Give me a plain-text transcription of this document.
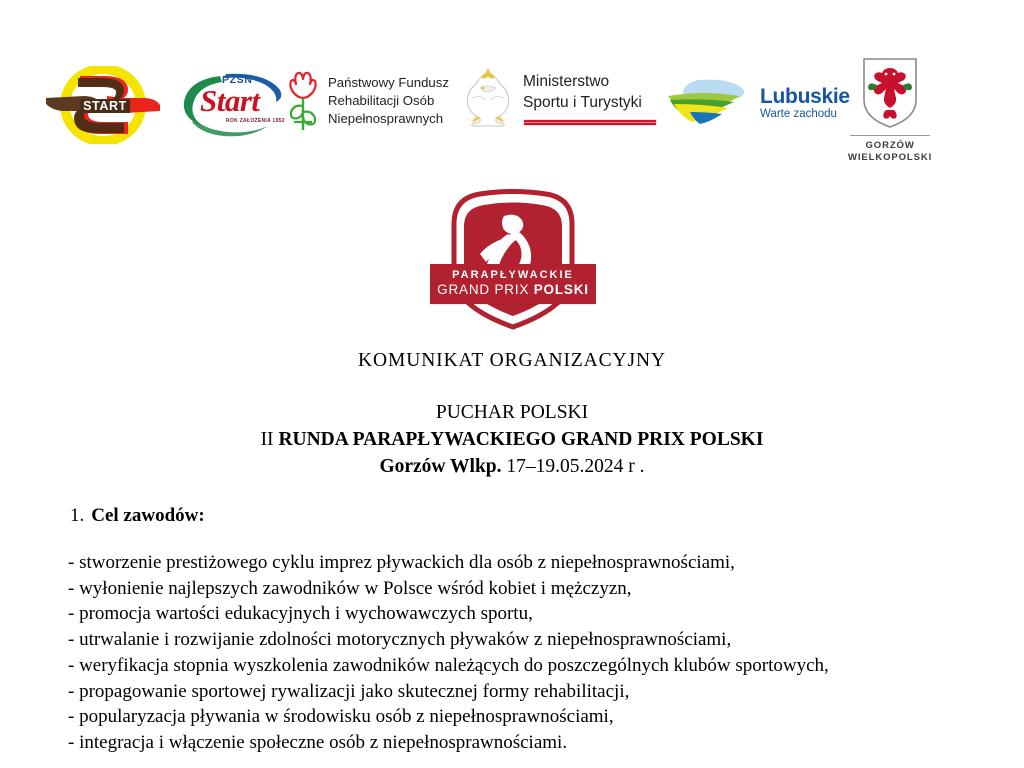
START
PZSN
Start
ROK ZAŁOŻENIA 1952
Państwowy Fundusz
Rehabilitacji Osób
Niepełnosprawnych
Ministerstwo
Sportu i Turystyki	Lubuskie
Warte zachodu
GORZÓW
WIELKOPOLSKI
PARAPŁYWACKIE
GRAND PRIX POLSKI
KOMUNIKAT ORGANIZACYJNY
PUCHAR POLSKI
II RUNDA PARAPŁYWACKIEGO GRAND PRIX POLSKI
Gorzów Wlkp. 17–19.05.2024 r .
1. Cel zawodów:
- stworzenie prestiżowego cyklu imprez pływackich dla osób z niepełnosprawnościami,
- wyłonienie najlepszych zawodników w Polsce wśród kobiet i mężczyzn,
- promocja wartości edukacyjnych i wychowawczych sportu,
- utrwalanie i rozwijanie zdolności motorycznych pływaków z niepełnosprawnościami,
- weryfikacja stopnia wyszkolenia zawodników należących do poszczególnych klubów sportowych,
- propagowanie sportowej rywalizacji jako skutecznej formy rehabilitacji,
- popularyzacja pływania w środowisku osób z niepełnosprawnościami,
- integracja i włączenie społeczne osób z niepełnosprawnościami.
